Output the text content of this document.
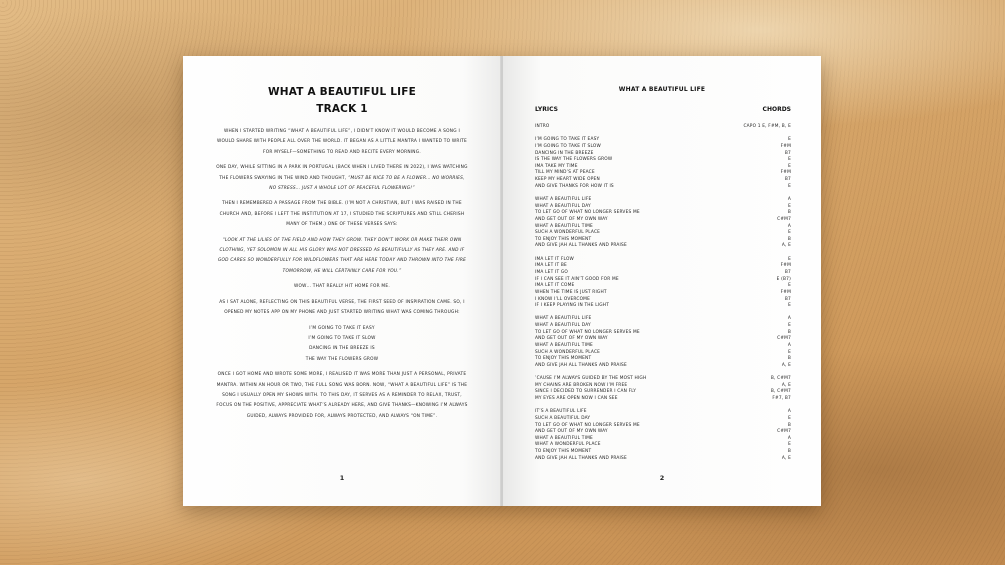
WHAT A BEAUTIFUL LIFE
TRACK 1

WHEN I STARTED WRITING “WHAT A BEAUTIFUL LIFE”, I DIDN’T KNOW IT WOULD BECOME A SONG I WOULD SHARE WITH PEOPLE ALL OVER THE WORLD. IT BEGAN AS A LITTLE MANTRA I WANTED TO WRITE FOR MYSELF—SOMETHING TO READ AND RECITE EVERY MORNING.

ONE DAY, WHILE SITTING IN A PARK IN PORTUGAL (BACK WHEN I LIVED THERE IN 2022), I WAS WATCHING THE FLOWERS SWAYING IN THE WIND AND THOUGHT, “MUST BE NICE TO BE A FLOWER… NO WORRIES, NO STRESS… JUST A WHOLE LOT OF PEACEFUL FLOWERING!”

THEN I REMEMBERED A PASSAGE FROM THE BIBLE. (I’M NOT A CHRISTIAN, BUT I WAS RAISED IN THE CHURCH AND, BEFORE I LEFT THE INSTITUTION AT 17, I STUDIED THE SCRIPTURES AND STILL CHERISH MANY OF THEM.) ONE OF THESE VERSES SAYS:

“LOOK AT THE LILIES OF THE FIELD AND HOW THEY GROW. THEY DON’T WORK OR MAKE THEIR OWN CLOTHING, YET SOLOMON IN ALL HIS GLORY WAS NOT DRESSED AS BEAUTIFULLY AS THEY ARE. AND IF GOD CARES SO WONDERFULLY FOR WILDFLOWERS THAT ARE HERE TODAY AND THROWN INTO THE FIRE TOMORROW, HE WILL CERTAINLY CARE FOR YOU.”

WOW… THAT REALLY HIT HOME FOR ME.

AS I SAT ALONE, REFLECTING ON THIS BEAUTIFUL VERSE, THE FIRST SEED OF INSPIRATION CAME. SO, I OPENED MY NOTES APP ON MY PHONE AND JUST STARTED WRITING WHAT WAS COMING THROUGH:

I’M GOING TO TAKE IT EASY

I’M GOING TO TAKE IT SLOW

DANCING IN THE BREEZE IS

THE WAY THE FLOWERS GROW

ONCE I GOT HOME AND WROTE SOME MORE, I REALISED IT WAS MORE THAN JUST A PERSONAL, PRIVATE MANTRA. WITHIN AN HOUR OR TWO, THE FULL SONG WAS BORN. NOW, “WHAT A BEAUTIFUL LIFE” IS THE SONG I USUALLY OPEN MY SHOWS WITH. TO THIS DAY, IT SERVES AS A REMINDER TO RELAX, TRUST, FOCUS ON THE POSITIVE, APPRECIATE WHAT’S ALREADY HERE, AND GIVE THANKS—KNOWING I’M ALWAYS GUIDED, ALWAYS PROVIDED FOR, ALWAYS PROTECTED, AND ALWAYS “ON TIME”.

1
WHAT A BEAUTIFUL LIFE
LYRICS	CHORDS
INTRO	CAPO 1 E, F#M, B, E
I’M GOING TO TAKE IT EASY	E
I’M GOING TO TAKE IT SLOW	F#M
DANCING IN THE BREEZE	B7
IS THE WAY THE FLOWERS GROW	E
IMA TAKE MY TIME	E
TILL MY MIND’S AT PEACE	F#M
KEEP MY HEART WIDE OPEN	B7
AND GIVE THANKS FOR HOW IT IS	E
WHAT A BEAUTIFUL LIFE	A
WHAT A BEAUTIFUL DAY	E
TO LET GO OF WHAT NO LONGER SERVES ME	B
AND GET OUT OF MY OWN WAY	C#M7
WHAT A BEAUTIFUL TIME	A
SUCH A WONDERFUL PLACE	E
TO ENJOY THIS MOMENT	B
AND GIVE JAH ALL THANKS AND PRAISE	A, E
IMA LET IT FLOW	E
IMA LET IT BE	F#M
IMA LET IT GO	B7
IF I CAN SEE IT AIN’T GOOD FOR ME	E (B7)
IMA LET IT COME	E
WHEN THE TIME IS JUST RIGHT	F#M
I KNOW I’LL OVERCOME	B7
IF I KEEP PLAYING IN THE LIGHT	E
WHAT A BEAUTIFUL LIFE	A
WHAT A BEAUTIFUL DAY	E
TO LET GO OF WHAT NO LONGER SERVES ME	B
AND GET OUT OF MY OWN WAY	C#M7
WHAT A BEAUTIFUL TIME	A
SUCH A WONDERFUL PLACE	E
TO ENJOY THIS MOMENT	B
AND GIVE JAH ALL THANKS AND PRAISE	A, E
’CAUSE I’M ALWAYS GUIDED BY THE MOST HIGH	B, C#M7
MY CHAINS ARE BROKEN NOW I’M FREE	A, E
SINCE I DECIDED TO SURRENDER I CAN FLY	B, C#M7
MY EYES ARE OPEN NOW I CAN SEE	F#7, B7
IT’S A BEAUTIFUL LIFE	A
SUCH A BEAUTIFUL DAY	E
TO LET GO OF WHAT NO LONGER SERVES ME	B
AND GET OUT OF MY OWN WAY	C#M7
WHAT A BEAUTIFUL TIME	A
WHAT A WONDERFUL PLACE	E
TO ENJOY THIS MOMENT	B
AND GIVE JAH ALL THANKS AND PRAISE	A, E
2
